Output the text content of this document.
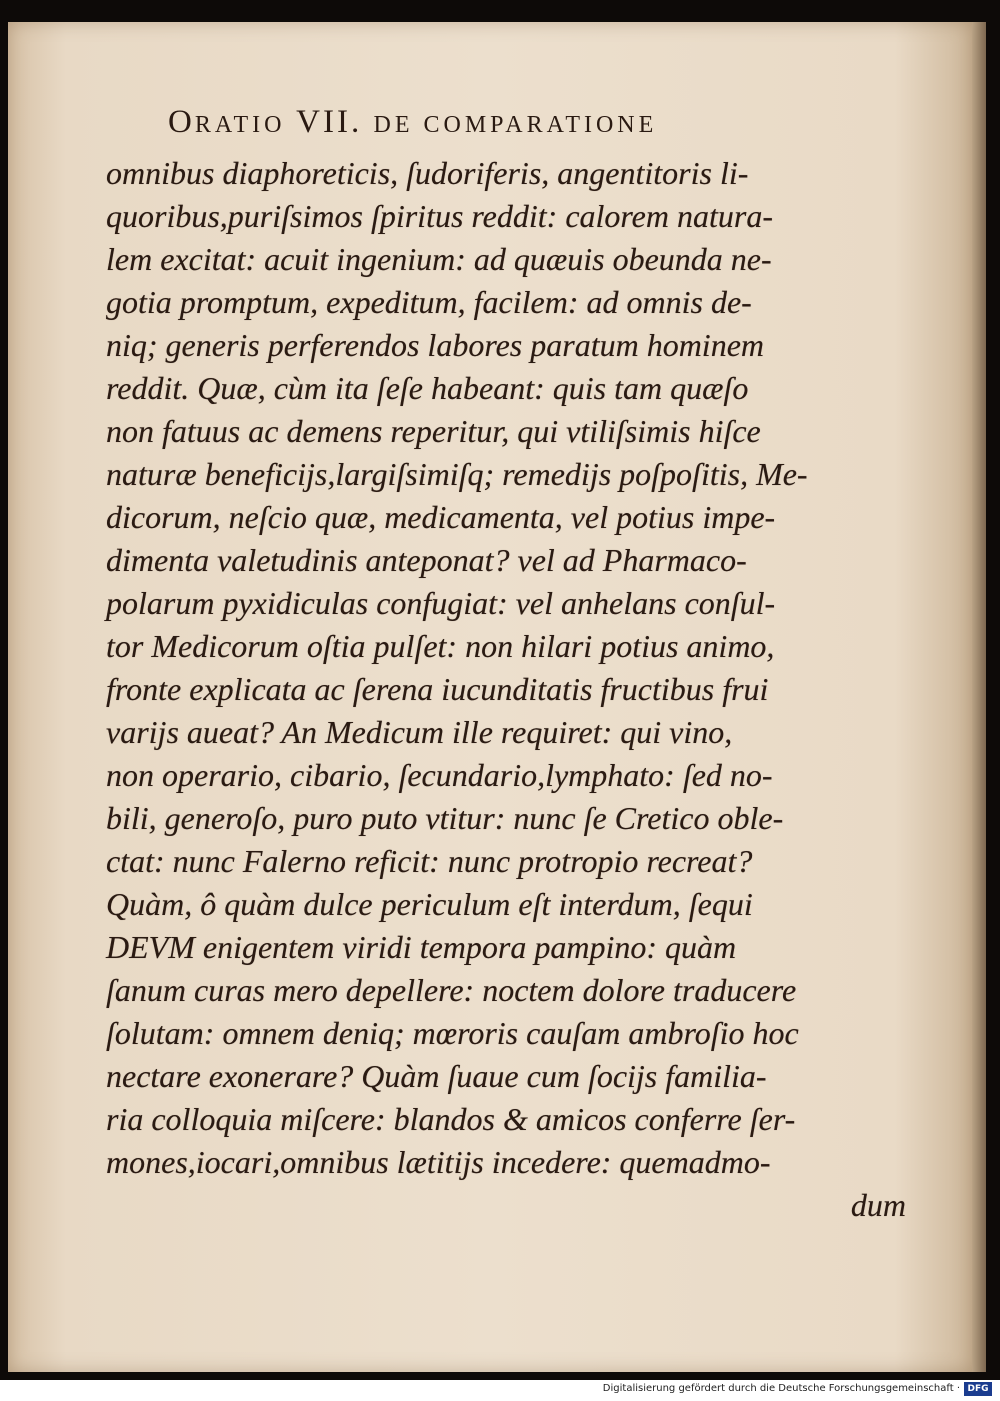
ORATIO VII. DE COMPARATIONE
omnibus diaphoreticis, ſudoriferis, angentitoris li-
quoribus,puriſsimos ſpiritus reddit: calorem natura-
lem excitat: acuit ingenium: ad quæuis obeunda ne-
gotia promptum, expeditum, facilem: ad omnis de-
niq; generis perferendos labores paratum hominem
reddit. Quæ, cùm ita ſeſe habeant: quis tam quæſo
non fatuus ac demens reperitur, qui vtiliſsimis hiſce
naturæ beneficijs,largiſsimiſq; remedijs poſpoſitis, Me-
dicorum, neſcio quæ, medicamenta, vel potius impe-
dimenta valetudinis anteponat? vel ad Pharmaco-
polarum pyxidiculas confugiat: vel anhelans conſul-
tor Medicorum oſtia pulſet: non hilari potius animo,
fronte explicata ac ſerena iucunditatis fructibus frui
varijs aueat? An Medicum ille requiret: qui vino,
non operario, cibario, ſecundario,lymphato: ſed no-
bili, generoſo, puro puto vtitur: nunc ſe Cretico oble-
ctat: nunc Falerno reficit: nunc protropio recreat?
Quàm, ô quàm dulce periculum eſt interdum, ſequi
DEVM enigentem viridi tempora pampino: quàm
ſanum curas mero depellere: noctem dolore traducere
ſolutam: omnem deniq; mœroris cauſam ambroſio hoc
nectare exonerare? Quàm ſuaue cum ſocijs familia-
ria colloquia miſcere: blandos & amicos conferre ſer-
mones,iocari,omnibus lætitijs incedere: quemadmo-
dum
Digitalisierung gefördert durch die Deutsche Forschungsgemeinschaft · DFG
